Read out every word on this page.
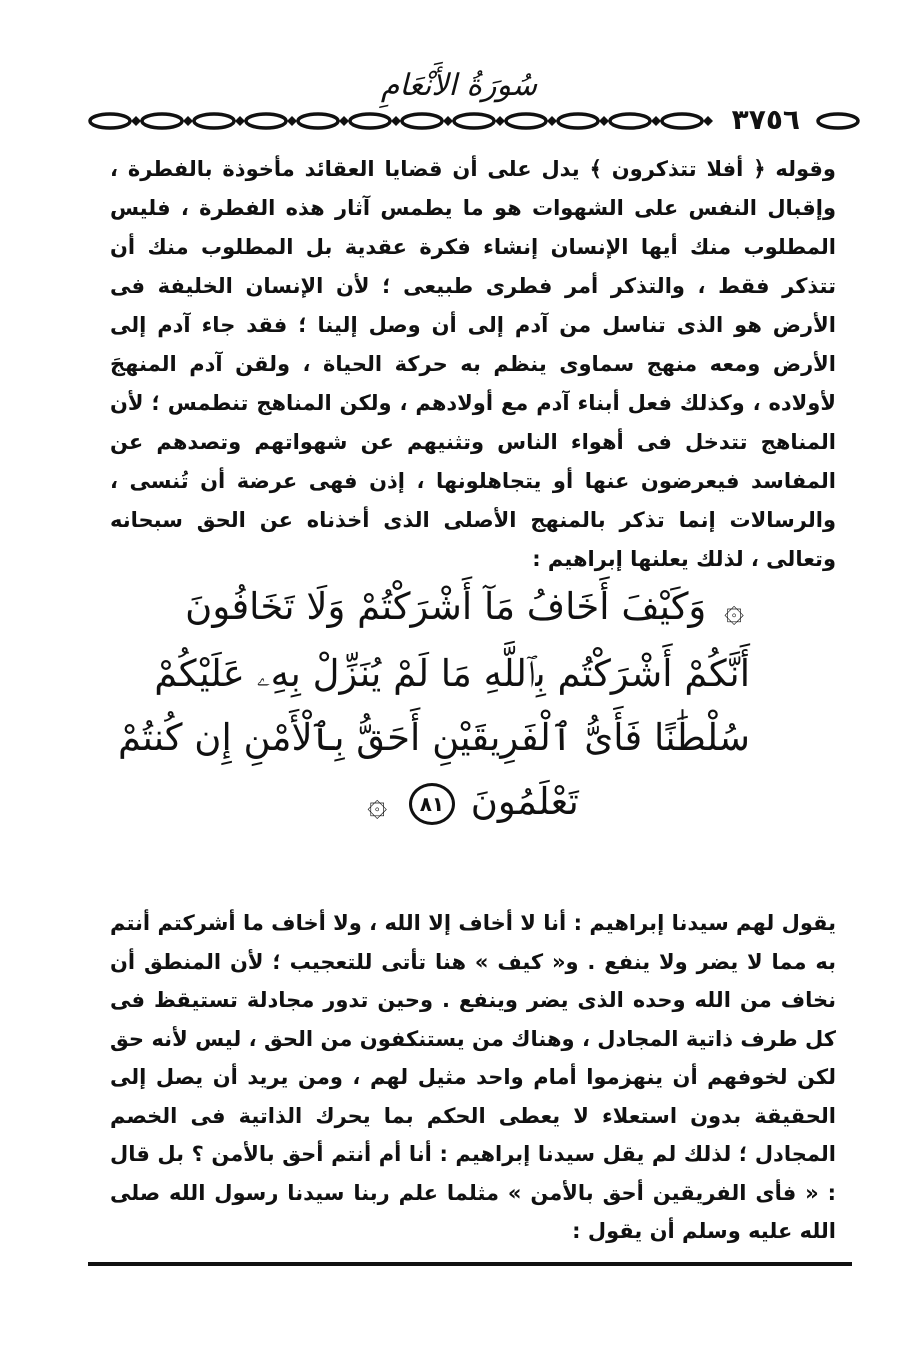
سُورَةُ الأَنْعَامِ
٣٧٥٦

وقوله ﴿ أفلا تتذكرون ﴾ يدل على أن قضايا العقائد مأخوذة بالفطرة ، وإقبال النفس على الشهوات هو ما يطمس آثار هذه الفطرة ، فليس المطلوب منك أيها الإنسان إنشاء فكرة عقدية بل المطلوب منك أن تتذكر فقط ، والتذكر أمر فطرى طبيعى ؛ لأن الإنسان الخليفة فى الأرض هو الذى تناسل من آدم إلى أن وصل إلينا ؛ فقد جاء آدم إلى الأرض ومعه منهج سماوى ينظم به حركة الحياة ، ولقن آدم المنهجَ لأولاده ، وكذلك فعل أبناء آدم مع أولادهم ، ولكن المناهج تنطمس ؛ لأن المناهج تتدخل فى أهواء الناس وتثنيهم عن شهواتهم وتصدهم عن المفاسد فيعرضون عنها أو يتجاهلونها ، إذن فهى عرضة أن تُنسى ، والرسالات إنما تذكر بالمنهج الأصلى الذى أخذناه عن الحق سبحانه وتعالى ، لذلك يعلنها إبراهيم :

۞ وَكَيْفَ أَخَافُ مَآ أَشْرَكْتُمْ وَلَا تَخَافُونَ
أَنَّكُمْ أَشْرَكْتُم بِٱللَّهِ مَا لَمْ يُنَزِّلْ بِهِۦ عَلَيْكُمْ
سُلْطَٰنًا فَأَىُّ ٱلْفَرِيقَيْنِ أَحَقُّ بِٱلْأَمْنِ إِن كُنتُمْ
تَعْلَمُونَ ٨١ ۞

يقول لهم سيدنا إبراهيم : أنا لا أخاف إلا الله ، ولا أخاف ما أشركتم أنتم به مما لا يضر ولا ينفع . و« كيف » هنا تأتى للتعجيب ؛ لأن المنطق أن نخاف من الله وحده الذى يضر وينفع . وحين تدور مجادلة تستيقظ فى كل طرف ذاتية المجادل ، وهناك من يستنكفون من الحق ، ليس لأنه حق لكن لخوفهم أن ينهزموا أمام واحد مثيل لهم ، ومن يريد أن يصل إلى الحقيقة بدون استعلاء لا يعطى الحكم بما يحرك الذاتية فى الخصم المجادل ؛ لذلك لم يقل سيدنا إبراهيم : أنا أم أنتم أحق بالأمن ؟ بل قال : « فأى الفريقين أحق بالأمن » مثلما علم ربنا سيدنا رسول الله صلى الله عليه وسلم أن يقول :
